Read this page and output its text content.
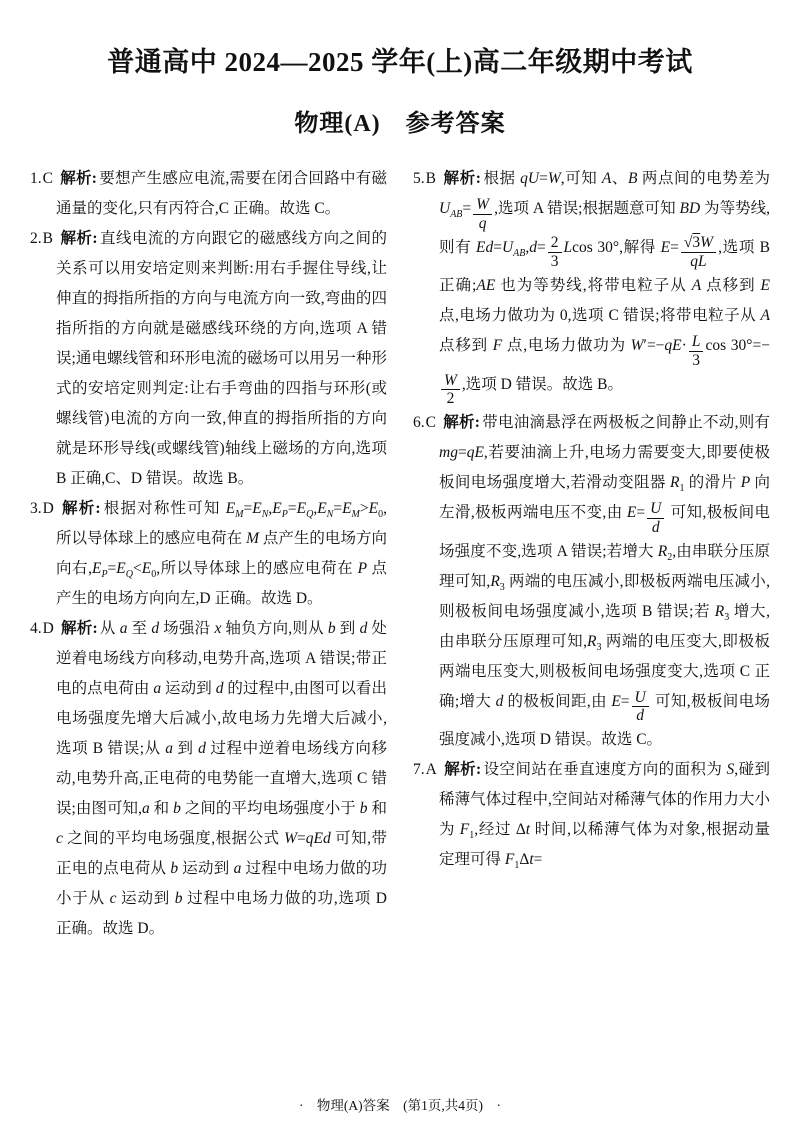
普通高中 2024—2025 学年(上)高二年级期中考试
物理(A)　参考答案
1.C 解析: 要想产生感应电流,需要在闭合回路中有磁通量的变化,只有丙符合,C 正确。故选 C。
2.B 解析: 直线电流的方向跟它的磁感线方向之间的关系可以用安培定则来判断:用右手握住导线,让伸直的拇指所指的方向与电流方向一致,弯曲的四指所指的方向就是磁感线环绕的方向,选项 A 错误;通电螺线管和环形电流的磁场可以用另一种形式的安培定则判定:让右手弯曲的四指与环形(或螺线管)电流的方向一致,伸直的拇指所指的方向就是环形导线(或螺线管)轴线上磁场的方向,选项 B 正确,C、D 错误。故选 B。
3.D 解析: 根据对称性可知 $E_M=E_N,E_P=E_Q,E_N=E_M>E_0$,所以导体球上的感应电荷在 M 点产生的电场方向向右$,E_P=E_Q<E_0$,所以导体球上的感应电荷在 P 点产生的电场方向向左,D 正确。故选 D。
4.D 解析: 从 a 至 d 场强沿 x 轴负方向,则从 b 到 d 处逆着电场线方向移动,电势升高,选项 A 错误;带正电的点电荷由 a 运动到 d 的过程中,由图可以看出电场强度先增大后减小,故电场力先增大后减小,选项 B 错误;从 a 到 d 过程中逆着电场线方向移动,电势升高,正电荷的电势能一直增大,选项 C 错误;由图可知,a 和 b 之间的平均电场强度小于 b 和 c 之间的平均电场强度,根据公式 W=qEd 可知,带正电的点电荷从 b 运动到 a 过程中电场力做的功小于从 c 运动到 b 过程中电场力做的功,选项 D 正确。故选 D。
5.B 解析: 根据 qU=W,可知 A、B 两点间的电势差为 $U_{AB}= \frac{W}{q}$ ,选项 A 错误;根据题意可知 BD 为等势线,则有 $Ed=U_{AB},d= \frac{2}{3}$ Lcos 30°,解得 $E= \frac{√3W}{qL}$ ,选项 B 正确;AE 也为等势线,将带电粒子从 A 点移到 E 点,电场力做功为 0,选项 C 错误;将带电粒子从 A 点移到 F 点,电场力做功为 $W'=-qE\cdot \frac{L}{3}$ cos 30°=−
$\frac{W}{2}$ ,选项 D 错误。故选 B。
6.C 解析: 带电油滴悬浮在两极板之间静止不动,则有 mg=qE,若要油滴上升,电场力需要变大,即要使极板间电场强度增大,若滑动变阻器 $R_1$ 的滑片 P 向左滑,极板两端电压不变,由 $E= \frac{U}{d}$ 可知,极板间电场强度不变,选项 A 错误;若增大 $R_2$,由串联分压原理可知$,R_3$ 两端的电压减小,即极板两端电压减小,则极板间电场强度减小,选项 B 错误;若 $R_3$ 增大,由串联分压原理可知$,R_3$ 两端的电压变大,即极板两端电压变大,则极板间电场强度变大,选项 C 正确;增大 d 的极板间距,由 $E= \frac{U}{d}$ 可知,极板间电场强度减小,选项 D 错误。故选 C。
7.A 解析: 设空间站在垂直速度方向的面积为 S,碰到稀薄气体过程中,空间站对稀薄气体的作用力大小为 $F_1$,经过 Δt 时间,以稀薄气体为对象,根据动量定理可得 $F_1\Delta t=$
·　物理(A)答案　(第1页,共4页)　·
